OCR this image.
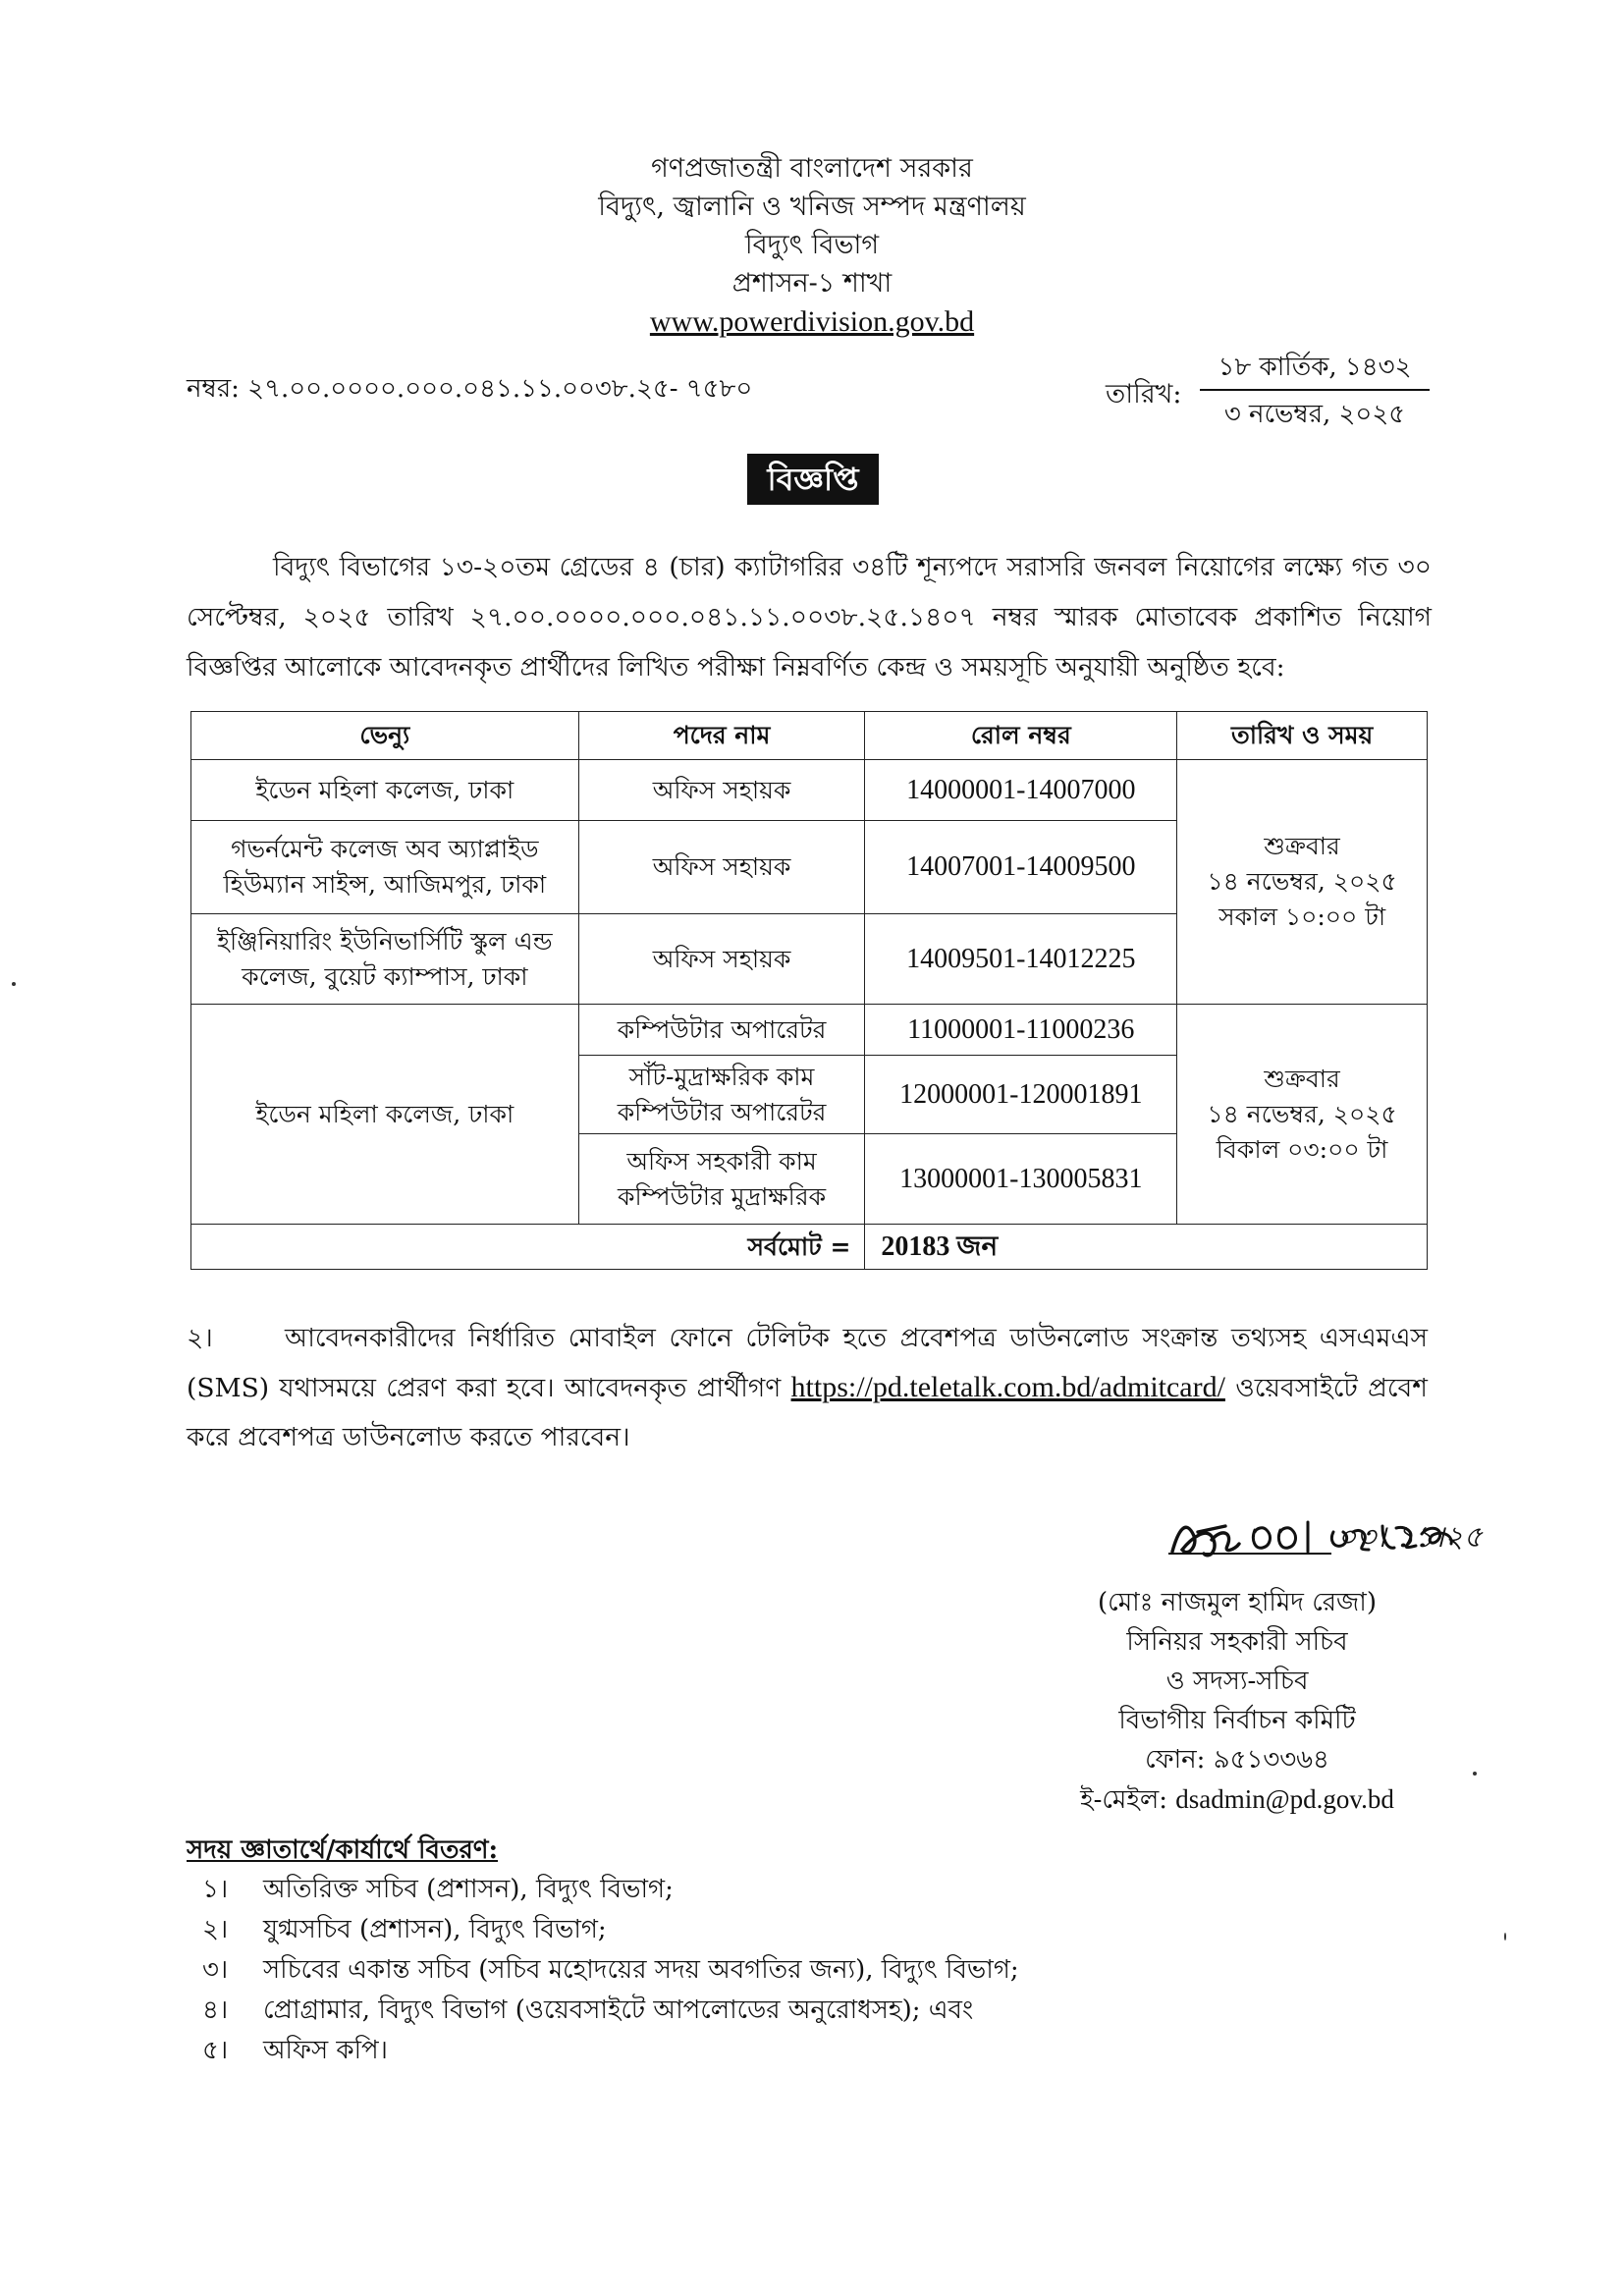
গণপ্রজাতন্ত্রী বাংলাদেশ সরকার
বিদ্যুৎ, জ্বালানি ও খনিজ সম্পদ মন্ত্রণালয়
বিদ্যুৎ বিভাগ
প্রশাসন-১ শাখা
www.powerdivision.gov.bd
নম্বর: ২৭.০০.০০০০.০০০.০৪১.১১.০০৩৮.২৫- ৭৫৮০	তারিখ:
১৮ কার্তিক, ১৪৩২
৩ নভেম্বর, ২০২৫
বিজ্ঞপ্তি
বিদ্যুৎ বিভাগের ১৩-২০তম গ্রেডের ৪ (চার) ক্যাটাগরির ৩৪টি শূন্যপদে সরাসরি জনবল নিয়োগের লক্ষ্যে গত ৩০ সেপ্টেম্বর, ২০২৫ তারিখ ২৭.০০.০০০০.০০০.০৪১.১১.০০৩৮.২৫.১৪০৭ নম্বর স্মারক মোতাবেক প্রকাশিত নিয়োগ বিজ্ঞপ্তির আলোকে আবেদনকৃত প্রার্থীদের লিখিত পরীক্ষা নিম্নবর্ণিত কেন্দ্র ও সময়সূচি অনুযায়ী অনুষ্ঠিত হবে:
ভেন্যু	পদের নাম	রোল নম্বর	তারিখ ও সময়
ইডেন মহিলা কলেজ, ঢাকা	অফিস সহায়ক	14000001-14007000	শুক্রবার
১৪ নভেম্বর, ২০২৫
সকাল ১০:০০ টা

গভর্নমেন্ট কলেজ অব অ্যাপ্লাইড হিউম্যান সাইন্স, আজিমপুর, ঢাকা	অফিস সহায়ক	14007001-14009500	
ইঞ্জিনিয়ারিং ইউনিভার্সিটি স্কুল এন্ড কলেজ, বুয়েট ক্যাম্পাস, ঢাকা	অফিস সহায়ক	14009501-14012225	
ইডেন মহিলা কলেজ, ঢাকা	কম্পিউটার অপারেটর	11000001-11000236	শুক্রবার
১৪ নভেম্বর, ২০২৫
বিকাল ০৩:০০ টা

	সাঁট-মুদ্রাক্ষরিক কাম কম্পিউটার অপারেটর	12000001-120001891	
	অফিস সহকারী কাম কম্পিউটার মুদ্রাক্ষরিক	13000001-130005831	
সর্বমোট =		20183 জন	
২।	আবেদনকারীদের নির্ধারিত মোবাইল ফোনে টেলিটক হতে প্রবেশপত্র ডাউনলোড সংক্রান্ত তথ্যসহ এসএমএস (SMS) যথাসময়ে প্রেরণ করা হবে। আবেদনকৃত প্রার্থীগণ https://pd.teletalk.com.bd/admitcard/ ওয়েবসাইটে প্রবেশ করে প্রবেশপত্র ডাউনলোড করতে পারবেন।
০৩। ১১।২৫
(মোঃ নাজমুল হামিদ রেজা)
সিনিয়র সহকারী সচিব
ও সদস্য-সচিব
বিভাগীয় নির্বাচন কমিটি
ফোন: ৯৫১৩৩৬৪
ই-মেইল: dsadmin@pd.gov.bd
সদয় জ্ঞাতার্থে/কার্যার্থে বিতরণ:
১। অতিরিক্ত সচিব (প্রশাসন), বিদ্যুৎ বিভাগ;
২। যুগ্মসচিব (প্রশাসন), বিদ্যুৎ বিভাগ;
৩। সচিবের একান্ত সচিব (সচিব মহোদয়ের সদয় অবগতির জন্য), বিদ্যুৎ বিভাগ;
৪। প্রোগ্রামার, বিদ্যুৎ বিভাগ (ওয়েবসাইটে আপলোডের অনুরোধসহ); এবং
৫। অফিস কপি।
